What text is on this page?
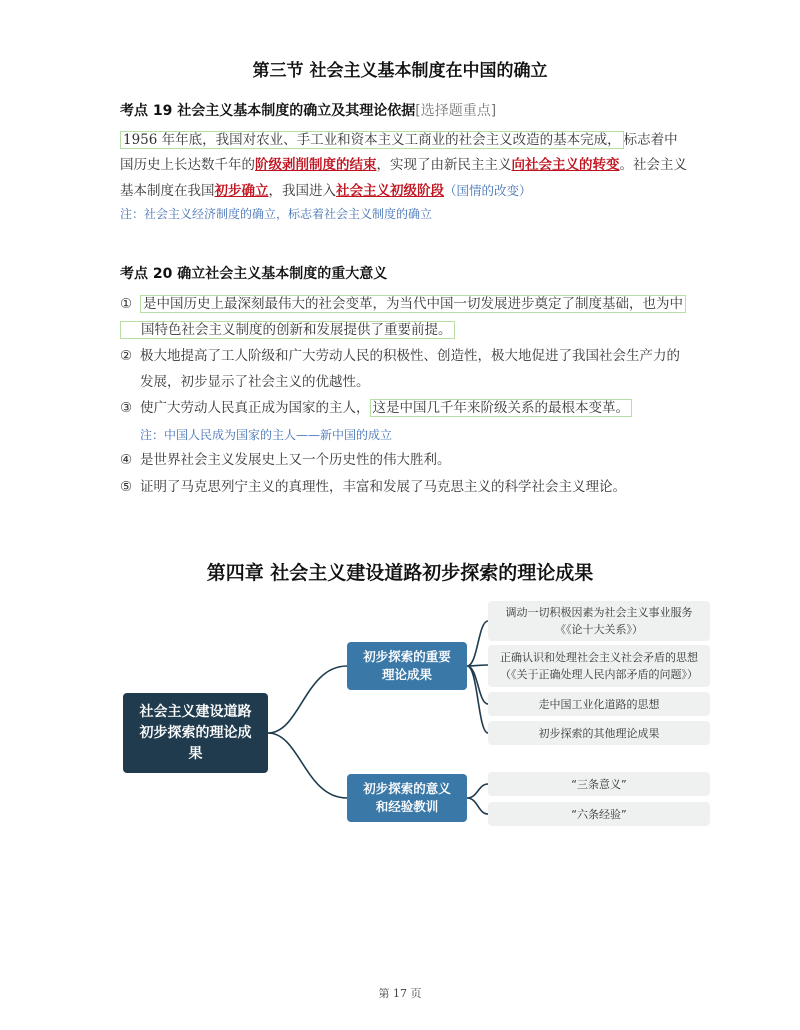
第三节 社会主义基本制度在中国的确立
考点 19 社会主义基本制度的确立及其理论依据[选择题重点]
1956 年年底，我国对农业、手工业和资本主义工商业的社会主义改造的基本完成， 标志着中国历史上长达数千年的阶级剥削制度的结束，实现了由新民主主义向社会主义的转变。社会主义基本制度在我国初步确立，我国进入社会主义初级阶段（国情的改变）
注：社会主义经济制度的确立，标志着社会主义制度的确立
考点 20 确立社会主义基本制度的重大意义
① 是中国历史上最深刻最伟大的社会变革，为当代中国一切发展进步奠定了制度基础，也为中
国特色社会主义制度的创新和发展提供了重要前提。
② 极大地提高了工人阶级和广大劳动人民的积极性、创造性，极大地促进了我国社会生产力的
发展，初步显示了社会主义的优越性。
③ 使广大劳动人民真正成为国家的主人， 这是中国几千年来阶级关系的最根本变革。
注：中国人民成为国家的主人——新中国的成立
④ 是世界社会主义发展史上又一个历史性的伟大胜利。
⑤ 证明了马克思列宁主义的真理性，丰富和发展了马克思主义的科学社会主义理论。
第四章 社会主义建设道路初步探索的理论成果
社会主义建设道路初步探索的理论成果
初步探索的重要理论成果
初步探索的意义和经验教训
调动一切积极因素为社会主义事业服务
《《论十大关系》）
正确认识和处理社会主义社会矛盾的思想
（《关于正确处理人民内部矛盾的问题》）
走中国工业化道路的思想
初步探索的其他理论成果
“三条意义”
“六条经验”
第 17 页
